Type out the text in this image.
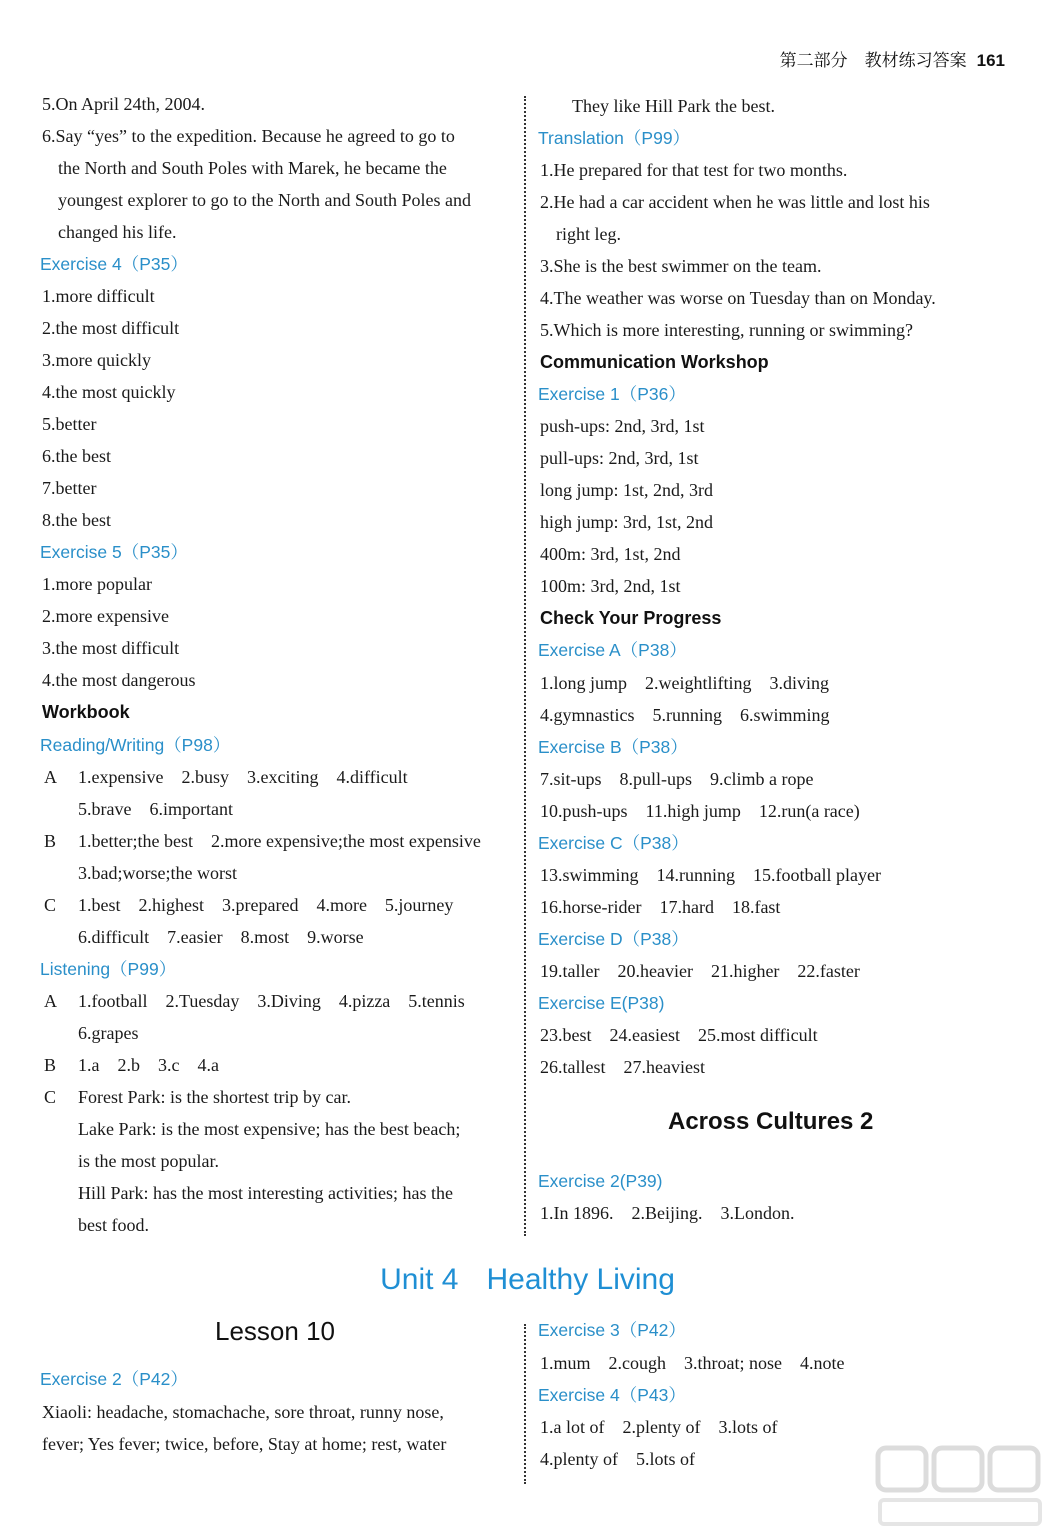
第二部分　教材练习答案 161
5.On April 24th, 2004.
6.Say “yes” to the expedition. Because he agreed to go to
the North and South Poles with Marek, he became the
youngest explorer to go to the North and South Poles and
changed his life.
Exercise 4（P35）
1.more difficult
2.the most difficult
3.more quickly
4.the most quickly
5.better
6.the best
7.better
8.the best
Exercise 5（P35）
1.more popular
2.more expensive
3.the most difficult
4.the most dangerous
Workbook
Reading/Writing（P98）
A 1.expensive　2.busy　3.exciting　4.difficult
5.brave　6.important
B 1.better;the best　2.more expensive;the most expensive
3.bad;worse;the worst
C 1.best　2.highest　3.prepared　4.more　5.journey
6.difficult　7.easier　8.most　9.worse
Listening（P99）
A 1.football　2.Tuesday　3.Diving　4.pizza　5.tennis
6.grapes
B 1.a　2.b　3.c　4.a
C Forest Park: is the shortest trip by car.
Lake Park: is the most expensive; has the best beach;
is the most popular.
Hill Park: has the most interesting activities; has the
best food.
They like Hill Park the best.
Translation（P99）
1.He prepared for that test for two months.
2.He had a car accident when he was little and lost his
right leg.
3.She is the best swimmer on the team.
4.The weather was worse on Tuesday than on Monday.
5.Which is more interesting, running or swimming?
Communication Workshop
Exercise 1（P36）
push-ups: 2nd, 3rd, 1st
pull-ups: 2nd, 3rd, 1st
long jump: 1st, 2nd, 3rd
high jump: 3rd, 1st, 2nd
400m: 3rd, 1st, 2nd
100m: 3rd, 2nd, 1st
Check Your Progress
Exercise A（P38）
1.long jump　2.weightlifting　3.diving
4.gymnastics　5.running　6.swimming
Exercise B（P38）
7.sit-ups　8.pull-ups　9.climb a rope
10.push-ups　11.high jump　12.run(a race)
Exercise C（P38）
13.swimming　14.running　15.football player
16.horse-rider　17.hard　18.fast
Exercise D（P38）
19.taller　20.heavier　21.higher　22.faster
Exercise E(P38)
23.best　24.easiest　25.most difficult
26.tallest　27.heaviest
Across Cultures 2
Exercise 2(P39)
1.In 1896.　2.Beijing.　3.London.
Unit 4 Healthy Living
Lesson 10
Exercise 2（P42）
Xiaoli: headache, stomachache, sore throat, runny nose,
fever; Yes fever; twice, before, Stay at home; rest, water
Exercise 3（P42）
1.mum　2.cough　3.throat; nose　4.note
Exercise 4（P43）
1.a lot of　2.plenty of　3.lots of
4.plenty of　5.lots of
